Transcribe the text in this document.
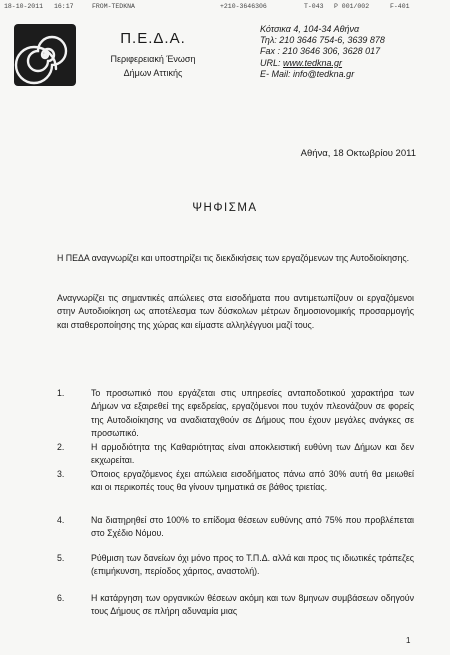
18-10-2011 16:17	FROM-TEDKNA	+210-3646306	T-043 P 001/002	F-401
Π.Ε.Δ.Α.
Περιφερειακή Ένωση
Δήμων Αττικής
Κότσικα 4, 104-34 Αθήνα
Τηλ: 210 3646 754-6, 3639 878
Fax : 210 3646 306, 3628 017
URL: www.tedkna.gr
E- Mail: info@tedkna.gr
Αθήνα, 18 Οκτωβρίου 2011
ΨΗΦΙΣΜΑ
Η ΠΕΔΑ αναγνωρίζει και υποστηρίζει τις διεκδικήσεις των εργαζόμενων της Αυτοδιοίκησης.
Αναγνωρίζει τις σημαντικές απώλειες στα εισοδήματα που αντιμετωπίζουν οι εργαζόμενοι στην Αυτοδιοίκηση ως αποτέλεσμα των δύσκολων μέτρων δημοσιονομικής προσαρμογής και σταθεροποίησης της χώρας και είμαστε αλληλέγγυοι μαζί τους.
1.	Το προσωπικό που εργάζεται στις υπηρεσίες ανταποδοτικού χαρακτήρα των Δήμων να εξαιρεθεί της εφεδρείας, εργαζόμενοι που τυχόν πλεονάζουν σε φορείς της Αυτοδιοίκησης να αναδιαταχθούν σε Δήμους που έχουν μεγάλες ανάγκες σε προσωπικό.
2.	Η αρμοδιότητα της Καθαριότητας είναι αποκλειστική ευθύνη των Δήμων και δεν εκχωρείται.
3.	Όποιος εργαζόμενος έχει απώλεια εισοδήματος πάνω από 30% αυτή θα μειωθεί και οι περικοπές τους θα γίνουν τμηματικά σε βάθος τριετίας.
4.	Να διατηρηθεί στο 100% το επίδομα θέσεων ευθύνης από 75% που προβλέπεται στο Σχέδιο Νόμου.
5.	Ρύθμιση των δανείων όχι μόνο προς το Τ.Π.Δ. αλλά και προς τις ιδιωτικές τράπεζες (επιμήκυνση, περίοδος χάριτος, αναστολή).
6.	Η κατάργηση των οργανικών θέσεων ακόμη και των 8μηνων συμβάσεων οδηγούν τους Δήμους σε πλήρη αδυναμία μιας
1
